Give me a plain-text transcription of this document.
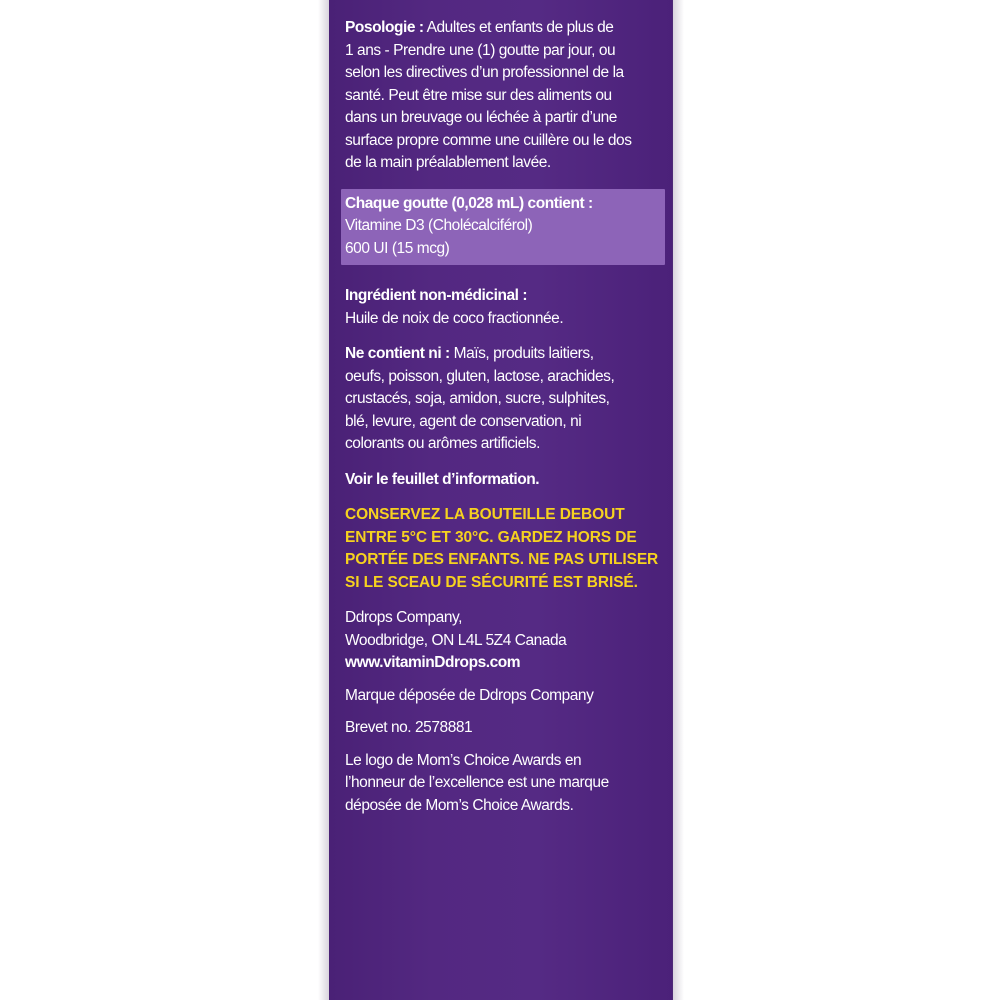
Posologie : Adultes et enfants de plus de
1 ans - Prendre une (1) goutte par jour, ou
selon les directives d’un professionnel de la
santé. Peut être mise sur des aliments ou
dans un breuvage ou léchée à partir d’une
surface propre comme une cuillère ou le dos
de la main préalablement lavée.
Chaque goutte (0,028 mL) contient :
Vitamine D3 (Cholécalciférol)
600 UI (15 mcg)
Ingrédient non-médicinal :
Huile de noix de coco fractionnée.
Ne contient ni : Maïs, produits laitiers,
oeufs, poisson, gluten, lactose, arachides,
crustacés, soja, amidon, sucre, sulphites,
blé, levure, agent de conservation, ni
colorants ou arômes artificiels.
Voir le feuillet d’information.
CONSERVEZ LA BOUTEILLE DEBOUT
ENTRE 5°C ET 30°C. GARDEZ HORS DE
PORTÉE DES ENFANTS. NE PAS UTILISER
SI LE SCEAU DE SÉCURITÉ EST BRISÉ.
Ddrops Company,
Woodbridge, ON L4L 5Z4 Canada
www.vitaminDdrops.com
Marque déposée de Ddrops Company
Brevet no. 2578881
Le logo de Mom’s Choice Awards en
l’honneur de l’excellence est une marque
déposée de Mom’s Choice Awards.
